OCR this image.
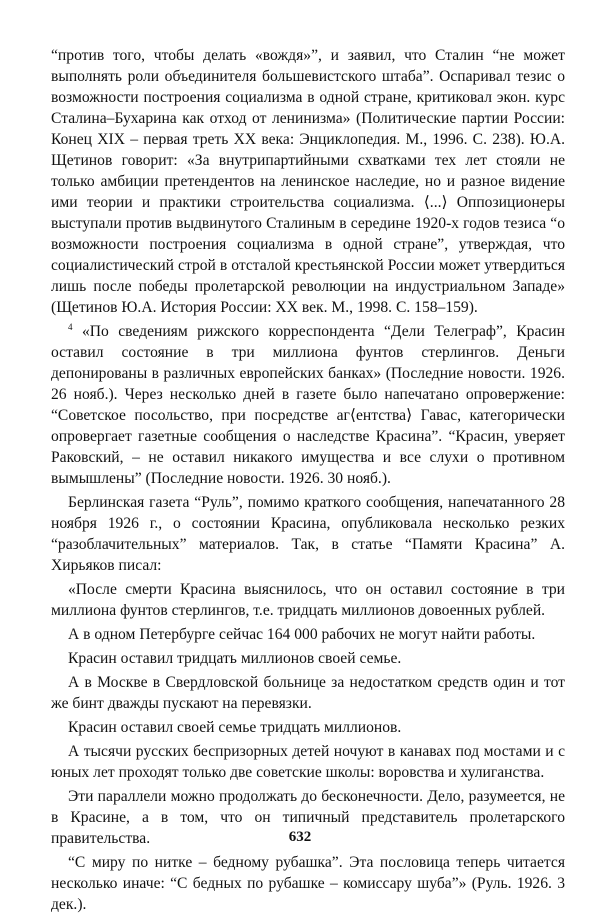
“против того, чтобы делать «вождя»”, и заявил, что Сталин “не может выполнять роли объединителя большевистского штаба”. Оспаривал тезис о возможности построения социализма в одной стране, критиковал экон. курс Сталина–Бухарина как отход от ленинизма» (Политические партии России: Конец XIX – первая треть XX века: Энциклопедия. М., 1996. С. 238). Ю.А. Щетинов говорит: «За внутрипартийными схватками тех лет стояли не только амбиции претендентов на ленинское наследие, но и разное видение ими теории и практики строительства социализма. ⟨...⟩ Оппозиционеры выступали против выдвинутого Сталиным в середине 1920-х годов тезиса “о возможности построения социализма в одной стране”, утверждая, что социалистический строй в отсталой крестьянской России может утвердиться лишь после победы пролетарской революции на индустриальном Западе» (Щетинов Ю.А. История России: XX век. М., 1998. С. 158–159).

$^4$ «По сведениям рижского корреспондента “Дели Телеграф”, Красин оставил состояние в три миллиона фунтов стерлингов. Деньги депонированы в различных европейских банках» (Последние новости. 1926. 26 нояб.). Через несколько дней в газете было напечатано опровержение: “Советское посольство, при посредстве аг⟨ентства⟩ Гавас, категорически опровергает газетные сообщения о наследстве Красина”. “Красин, уверяет Раковский, – не оставил никакого имущества и все слухи о противном вымышлены” (Последние новости. 1926. 30 нояб.).

Берлинская газета “Руль”, помимо краткого сообщения, напечатанного 28 ноября 1926 г., о состоянии Красина, опубликовала несколько резких “разоблачительных” материалов. Так, в статье “Памяти Красина” А. Хирьяков писал:

«После смерти Красина выяснилось, что он оставил состояние в три миллиона фунтов стерлингов, т.е. тридцать миллионов довоенных рублей.

А в одном Петербурге сейчас 164 000 рабочих не могут найти работы.

Красин оставил тридцать миллионов своей семье.

А в Москве в Свердловской больнице за недостатком средств один и тот же бинт дважды пускают на перевязки.

Красин оставил своей семье тридцать миллионов.

А тысячи русских беспризорных детей ночуют в канавах под мостами и с юных лет проходят только две советские школы: воровства и хулиганства.

Эти параллели можно продолжать до бесконечности. Дело, разумеется, не в Красине, а в том, что он типичный представитель пролетарского правительства.

“С миру по нитке – бедному рубашка”. Эта пословица теперь читается несколько иначе: “С бедных по рубашке – комиссару шуба”» (Руль. 1926. 3 дек.).

632
